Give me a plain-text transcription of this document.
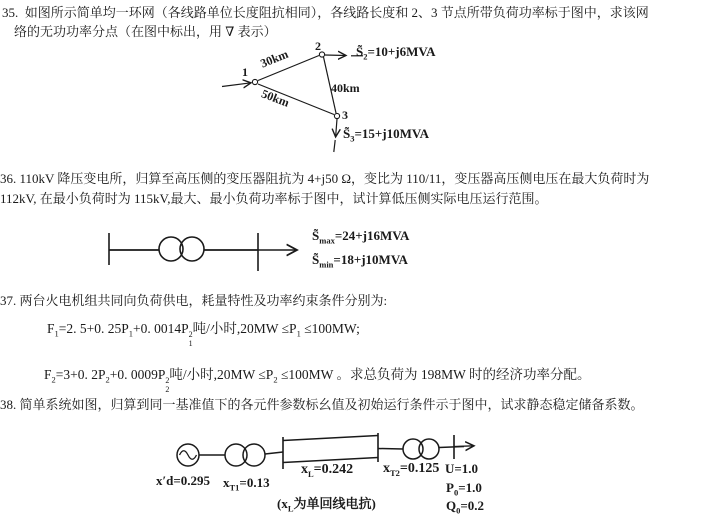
35. 如图所示简单均一环网（各线路单位长度阻抗相同），各线路长度和 2、3 节点所带负荷功率标于图中，求该网
络的无功功率分点（在图中标出，用 ∇ 表示）
1
2
3
30km
40km
50km
$S̃_2=10+j6MVA$
$S̃_3=15+j10MVA$
36. 110kV 降压变电所，归算至高压侧的变压器阻抗为 4+j50 Ω，变比为 110/11，变压器高压侧电压在最大负荷时为
112kV, 在最小负荷时为 115kV,最大、最小负荷功率标于图中，试计算低压侧实际电压运行范围。
$S̃_{max}=24+j16MVA$
$S̃_{min}=18+j10MVA$
37. 两台火电机组共同向负荷供电，耗量特性及功率约束条件分别为:
$F_1=2$. 5+0. $25P_1+0$. 0014P 2
1
吨/小时$,20MW \le P_1 \le 100MW$;
$F_2=3+0$. $2P_2+0$. 0009P 2
2
吨/小时$,20MW \le P_2 \le 100MW$ 。求总负荷为 198MW 时的经济功率分配。
38. 简单系统如图，归算到同一基准值下的各元件参数标幺值及初始运行条件示于图中，试求静态稳定储备系数。
x′d=0.295 $x_{T1}=0.13$
$x_L=0.242$ $x_{T2}=0.125$ U=1.0
$P_0=1.0$
$Q_0=0.2$
($x_L$为单回线电抗)
